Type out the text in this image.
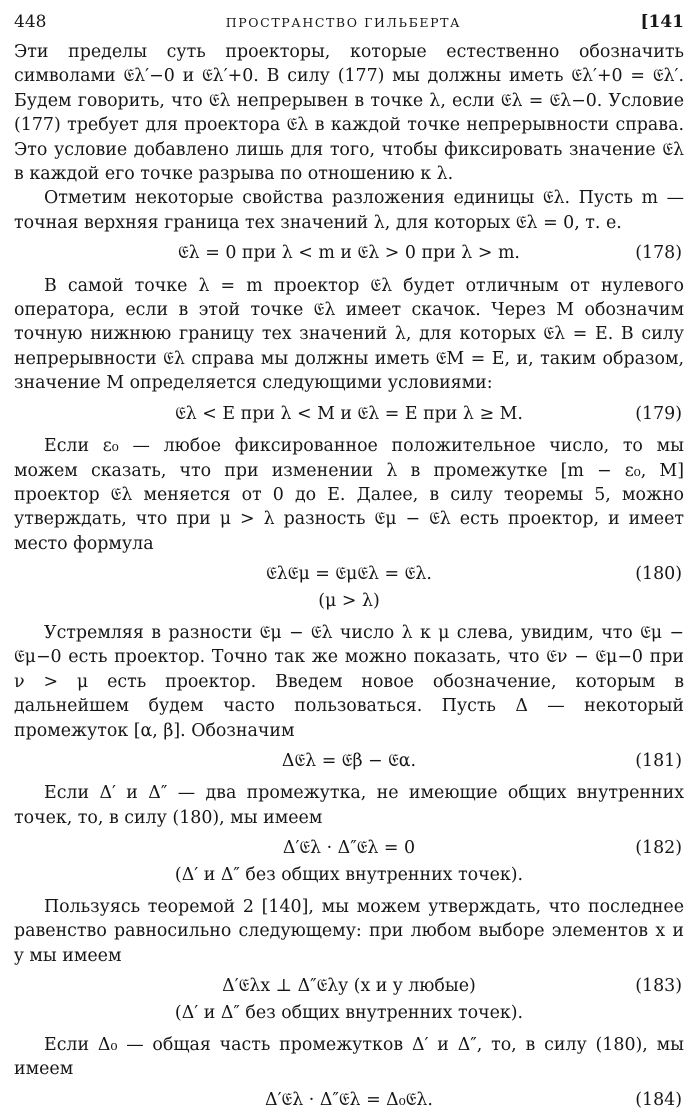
448	ПРОСТРАНСТВО ГИЛЬБЕРТА	[141

Эти пределы суть проекторы, которые естественно обозначить символами 𝔈λ′−0 и 𝔈λ′+0. В силу (177) мы должны иметь 𝔈λ′+0 = 𝔈λ′. Будем говорить, что 𝔈λ непрерывен в точке λ, если 𝔈λ = 𝔈λ−0. Условие (177) требует для проектора 𝔈λ в каждой точке непрерывности справа. Это условие добавлено лишь для того, чтобы фиксировать значение 𝔈λ в каждой его точке разрыва по отношению к λ.

Отметим некоторые свойства разложения единицы 𝔈λ. Пусть m — точная верхняя граница тех значений λ, для которых 𝔈λ = 0, т. е.

𝔈λ = 0 при λ < m и 𝔈λ > 0 при λ > m.	(178)

В самой точке λ = m проектор 𝔈λ будет отличным от нулевого оператора, если в этой точке 𝔈λ имеет скачок. Через M обозначим точную нижнюю границу тех значений λ, для которых 𝔈λ = E. В силу непрерывности 𝔈λ справа мы должны иметь 𝔈M = E, и, таким образом, значение M определяется следующими условиями:

𝔈λ < E при λ < M и 𝔈λ = E при λ ≥ M.	(179)

Если ε₀ — любое фиксированное положительное число, то мы можем сказать, что при изменении λ в промежутке [m − ε₀, M] проектор 𝔈λ меняется от 0 до E. Далее, в силу теоремы 5, можно утверждать, что при μ > λ разность 𝔈μ − 𝔈λ есть проектор, и имеет место формула

𝔈λ𝔈μ = 𝔈μ𝔈λ = 𝔈λ.	(180)
(μ > λ)

Устремляя в разности 𝔈μ − 𝔈λ число λ к μ слева, увидим, что 𝔈μ − 𝔈μ−0 есть проектор. Точно так же можно показать, что 𝔈ν − 𝔈μ−0 при ν > μ есть проектор. Введем новое обозначение, которым в дальнейшем будем часто пользоваться. Пусть Δ — некоторый промежуток [α, β]. Обозначим

Δ𝔈λ = 𝔈β − 𝔈α.	(181)

Если Δ′ и Δ″ — два промежутка, не имеющие общих внутренних точек, то, в силу (180), мы имеем

Δ′𝔈λ · Δ″𝔈λ = 0	(182)
(Δ′ и Δ″ без общих внутренних точек).

Пользуясь теоремой 2 [140], мы можем утверждать, что последнее равенство равносильно следующему: при любом выборе элементов x и y мы имеем

Δ′𝔈λx ⊥ Δ″𝔈λy (x и y любые)	(183)
(Δ′ и Δ″ без общих внутренних точек).

Если Δ₀ — общая часть промежутков Δ′ и Δ″, то, в силу (180), мы имеем

Δ′𝔈λ · Δ″𝔈λ = Δ₀𝔈λ.	(184)
